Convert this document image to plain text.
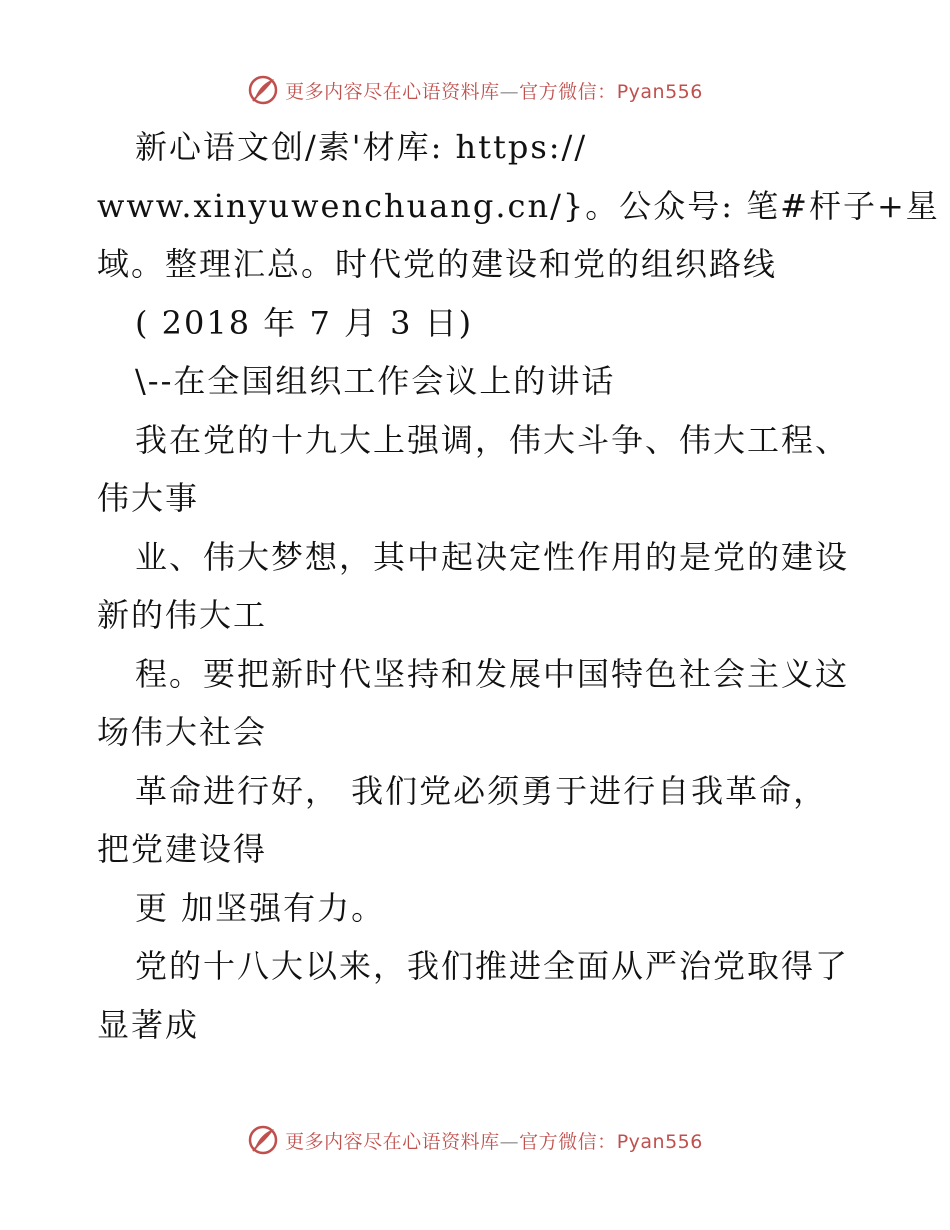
更多内容尽在心语资料库—官方微信：Pyan556
新心语文创/素'材库: https://
www.xinyuwenchuang.cn/}。公众号: 笔#杆子+星
域。整理汇总。时代党的建设和党的组织路线
( 2018 年 7 月 3 日)
\--在全国组织工作会议上的讲话
我在党的十九大上强调，伟大斗争、伟大工程、
伟大事
业、伟大梦想，其中起决定性作用的是党的建设
新的伟大工
程。要把新时代坚持和发展中国特色社会主义这
场伟大社会
革命进行好， 我们党必须勇于进行自我革命，
把党建设得
更 加坚强有力。
党的十八大以来，我们推进全面从严治党取得了
显著成
更多内容尽在心语资料库—官方微信：Pyan556
